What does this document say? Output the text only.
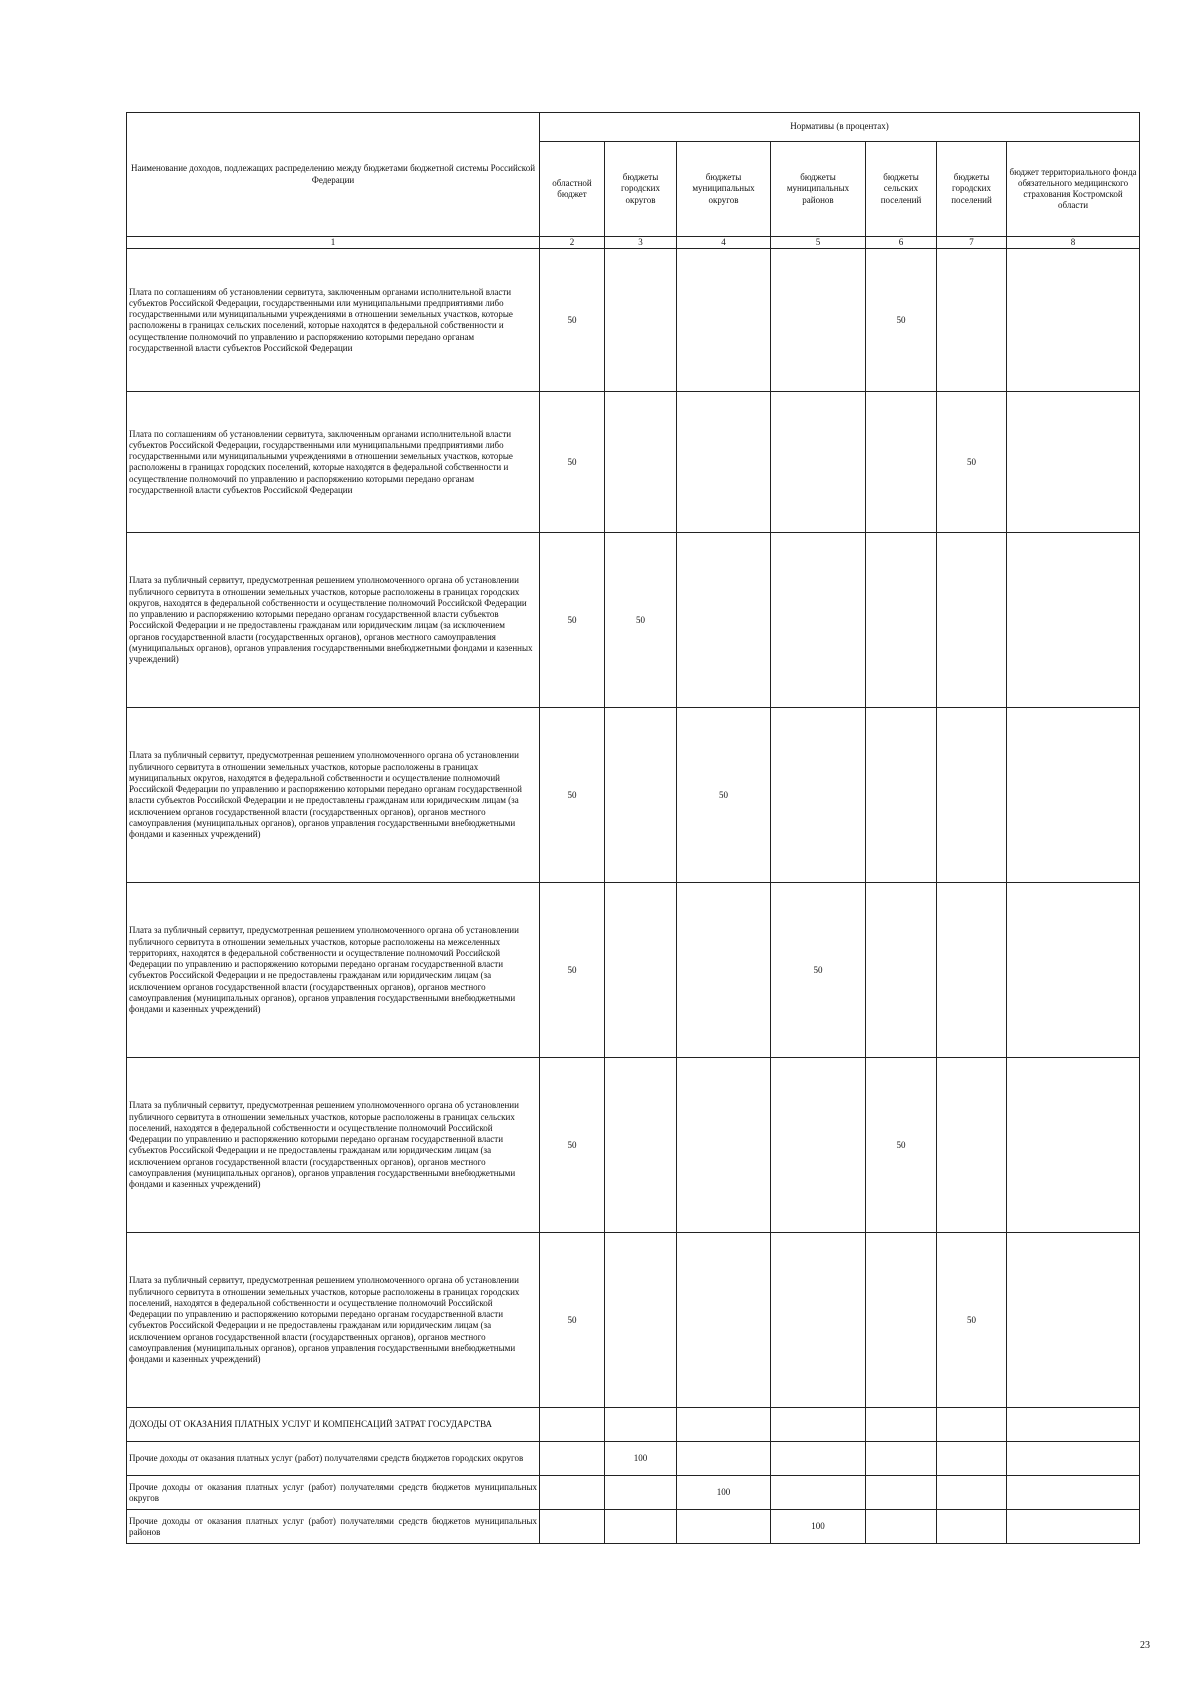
Наименование доходов, подлежащих распределению между бюджетами бюджетной системы Российской Федерации	Нормативы (в процентах)						
	областной бюджет	бюджеты городских округов	бюджеты муниципальных округов	бюджеты муниципальных районов	бюджеты сельских поселений	бюджеты городских поселений	бюджет территориального фонда обязательного медицинского страхования Костромской области
1	2	3	4	5	6	7	8
Плата по соглашениям об установлении сервитута, заключенным органами исполнительной власти субъектов Российской Федерации, государственными или муниципальными предприятиями либо государственными или муниципальными учреждениями в отношении земельных участков, которые расположены в границах сельских поселений, которые находятся в федеральной собственности и осуществление полномочий по управлению и распоряжению которыми передано органам государственной власти субъектов Российской Федерации	50				50		
Плата по соглашениям об установлении сервитута, заключенным органами исполнительной власти субъектов Российской Федерации, государственными или муниципальными предприятиями либо государственными или муниципальными учреждениями в отношении земельных участков, которые расположены в границах городских поселений, которые находятся в федеральной собственности и осуществление полномочий по управлению и распоряжению которыми передано органам государственной власти субъектов Российской Федерации	50					50	
Плата за публичный сервитут, предусмотренная решением уполномоченного органа об установлении публичного сервитута в отношении земельных участков, которые расположены в границах городских округов, находятся в федеральной собственности и осуществление полномочий Российской Федерации по управлению и распоряжению которыми передано органам государственной власти субъектов Российской Федерации и не предоставлены гражданам или юридическим лицам (за исключением органов государственной власти (государственных органов), органов местного самоуправления (муниципальных органов), органов управления государственными внебюджетными фондами и казенных учреждений)	50	50					
Плата за публичный сервитут, предусмотренная решением уполномоченного органа об установлении публичного сервитута в отношении земельных участков, которые расположены в границах муниципальных округов, находятся в федеральной собственности и осуществление полномочий Российской Федерации по управлению и распоряжению которыми передано органам государственной власти субъектов Российской Федерации и не предоставлены гражданам или юридическим лицам (за исключением органов государственной власти (государственных органов), органов местного самоуправления (муниципальных органов), органов управления государственными внебюджетными фондами и казенных учреждений)	50		50				
Плата за публичный сервитут, предусмотренная решением уполномоченного органа об установлении публичного сервитута в отношении земельных участков, которые расположены на межселенных территориях, находятся в федеральной собственности и осуществление полномочий Российской Федерации по управлению и распоряжению которыми передано органам государственной власти субъектов Российской Федерации и не предоставлены гражданам или юридическим лицам (за исключением органов государственной власти (государственных органов), органов местного самоуправления (муниципальных органов), органов управления государственными внебюджетными фондами и казенных учреждений)	50			50			
Плата за публичный сервитут, предусмотренная решением уполномоченного органа об установлении публичного сервитута в отношении земельных участков, которые расположены в границах сельских поселений, находятся в федеральной собственности и осуществление полномочий Российской Федерации по управлению и распоряжению которыми передано органам государственной власти субъектов Российской Федерации и не предоставлены гражданам или юридическим лицам (за исключением органов государственной власти (государственных органов), органов местного самоуправления (муниципальных органов), органов управления государственными внебюджетными фондами и казенных учреждений)	50				50		
Плата за публичный сервитут, предусмотренная решением уполномоченного органа об установлении публичного сервитута в отношении земельных участков, которые расположены в границах городских поселений, находятся в федеральной собственности и осуществление полномочий Российской Федерации по управлению и распоряжению которыми передано органам государственной власти субъектов Российской Федерации и не предоставлены гражданам или юридическим лицам (за исключением органов государственной власти (государственных органов), органов местного самоуправления (муниципальных органов), органов управления государственными внебюджетными фондами и казенных учреждений)	50					50	
ДОХОДЫ ОТ ОКАЗАНИЯ ПЛАТНЫХ УСЛУГ И КОМПЕНСАЦИЙ ЗАТРАТ ГОСУДАРСТВА							
Прочие доходы от оказания платных услуг (работ) получателями средств бюджетов городских округов		100					
Прочие доходы от оказания платных услуг (работ) получателями средств бюджетов муниципальных округов			100				
Прочие доходы от оказания платных услуг (работ) получателями средств бюджетов муниципальных районов				100			
23
